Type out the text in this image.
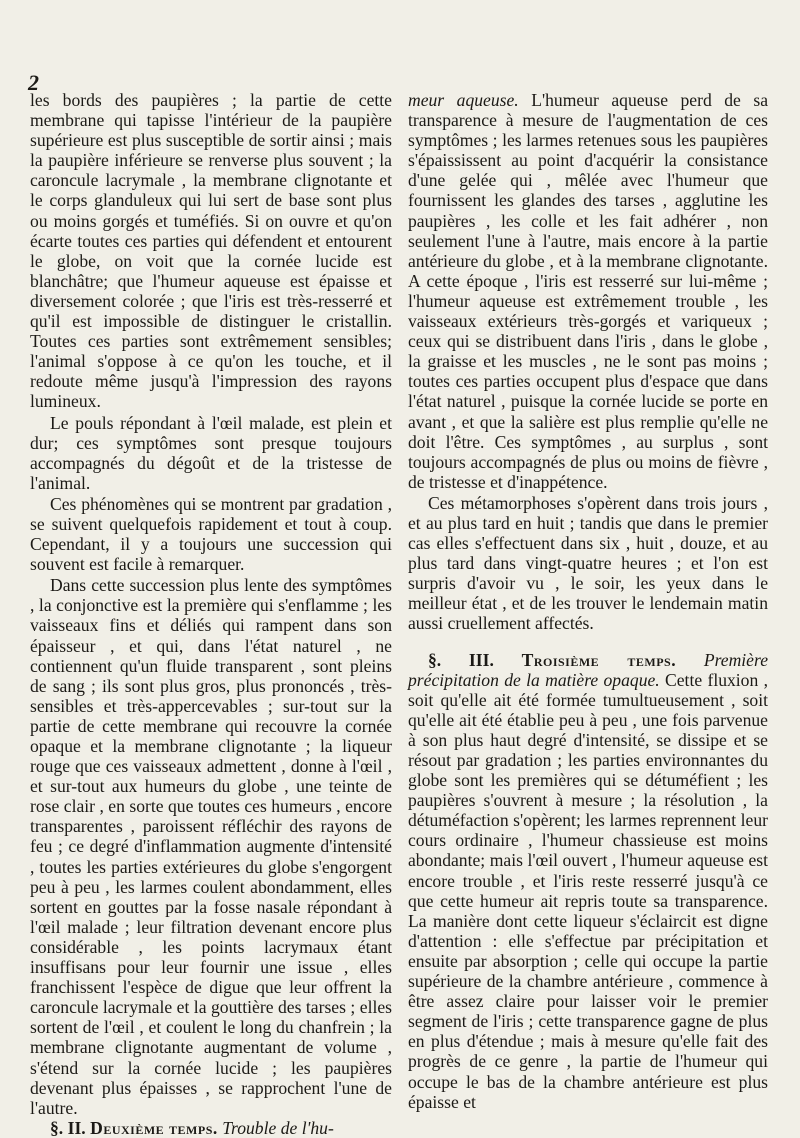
2

les bords des paupières ; la partie de cette membrane qui tapisse l'intérieur de la paupière supérieure est plus susceptible de sortir ainsi ; mais la paupière inférieure se renverse plus souvent ; la caroncule lacrymale , la membrane clignotante et le corps glanduleux qui lui sert de base sont plus ou moins gorgés et tuméfiés. Si on ouvre et qu'on écarte toutes ces parties qui défendent et entourent le globe, on voit que la cornée lucide est blanchâtre; que l'humeur aqueuse est épaisse et diversement colorée ; que l'iris est très-resserré et qu'il est impossible de distinguer le cristallin. Toutes ces parties sont extrêmement sensibles; l'animal s'oppose à ce qu'on les touche, et il redoute même jusqu'à l'impression des rayons lumineux.

Le pouls répondant à l'œil malade, est plein et dur; ces symptômes sont presque toujours accompagnés du dégoût et de la tristesse de l'animal.

Ces phénomènes qui se montrent par gradation , se suivent quelquefois rapidement et tout à coup. Cependant, il y a toujours une succession qui souvent est facile à remarquer.

Dans cette succession plus lente des symptômes , la conjonctive est la première qui s'enflamme ; les vaisseaux fins et déliés qui rampent dans son épaisseur , et qui, dans l'état naturel , ne contiennent qu'un fluide transparent , sont pleins de sang ; ils sont plus gros, plus prononcés , très-sensibles et très-appercevables ; sur-tout sur la partie de cette membrane qui recouvre la cornée opaque et la membrane clignotante ; la liqueur rouge que ces vaisseaux admettent , donne à l'œil , et sur-tout aux humeurs du globe , une teinte de rose clair , en sorte que toutes ces humeurs , encore transparentes , paroissent réfléchir des rayons de feu ; ce degré d'inflammation augmente d'intensité , toutes les parties extérieures du globe s'engorgent peu à peu , les larmes coulent abondamment, elles sortent en gouttes par la fosse nasale répondant à l'œil malade ; leur filtration devenant encore plus considérable , les points lacrymaux étant insuffisans pour leur fournir une issue , elles franchissent l'espèce de digue que leur offrent la caroncule lacrymale et la gouttière des tarses ; elles sortent de l'œil , et coulent le long du chanfrein ; la membrane clignotante augmentant de volume , s'étend sur la cornée lucide ; les paupières devenant plus épaisses , se rapprochent l'une de l'autre.

§. II. Deuxième temps. Trouble de l'hu-

meur aqueuse. L'humeur aqueuse perd de sa transparence à mesure de l'augmentation de ces symptômes ; les larmes retenues sous les paupières s'épaississent au point d'acquérir la consistance d'une gelée qui , mêlée avec l'humeur que fournissent les glandes des tarses , agglutine les paupières , les colle et les fait adhérer , non seulement l'une à l'autre, mais encore à la partie antérieure du globe , et à la membrane clignotante. A cette époque , l'iris est resserré sur lui-même ; l'humeur aqueuse est extrêmement trouble , les vaisseaux extérieurs très-gorgés et variqueux ; ceux qui se distribuent dans l'iris , dans le globe , la graisse et les muscles , ne le sont pas moins ; toutes ces parties occupent plus d'espace que dans l'état naturel , puisque la cornée lucide se porte en avant , et que la salière est plus remplie qu'elle ne doit l'être. Ces symptômes , au surplus , sont toujours accompagnés de plus ou moins de fièvre , de tristesse et d'inappétence.

Ces métamorphoses s'opèrent dans trois jours , et au plus tard en huit ; tandis que dans le premier cas elles s'effectuent dans six , huit , douze, et au plus tard dans vingt-quatre heures ; et l'on est surpris d'avoir vu , le soir, les yeux dans le meilleur état , et de les trouver le lendemain matin aussi cruellement affectés.

§. III. Troisième temps. Première précipitation de la matière opaque. Cette fluxion , soit qu'elle ait été formée tumultueusement , soit qu'elle ait été établie peu à peu , une fois parvenue à son plus haut degré d'intensité, se dissipe et se résout par gradation ; les parties environnantes du globe sont les premières qui se détuméfient ; les paupières s'ouvrent à mesure ; la résolution , la détuméfaction s'opèrent; les larmes reprennent leur cours ordinaire , l'humeur chassieuse est moins abondante; mais l'œil ouvert , l'humeur aqueuse est encore trouble , et l'iris reste resserré jusqu'à ce que cette humeur ait repris toute sa transparence. La manière dont cette liqueur s'éclaircit est digne d'attention : elle s'effectue par précipitation et ensuite par absorption ; celle qui occupe la partie supérieure de la chambre antérieure , commence à être assez claire pour laisser voir le premier segment de l'iris ; cette transparence gagne de plus en plus d'étendue ; mais à mesure qu'elle fait des progrès de ce genre , la partie de l'humeur qui occupe le bas de la chambre antérieure est plus épaisse et
